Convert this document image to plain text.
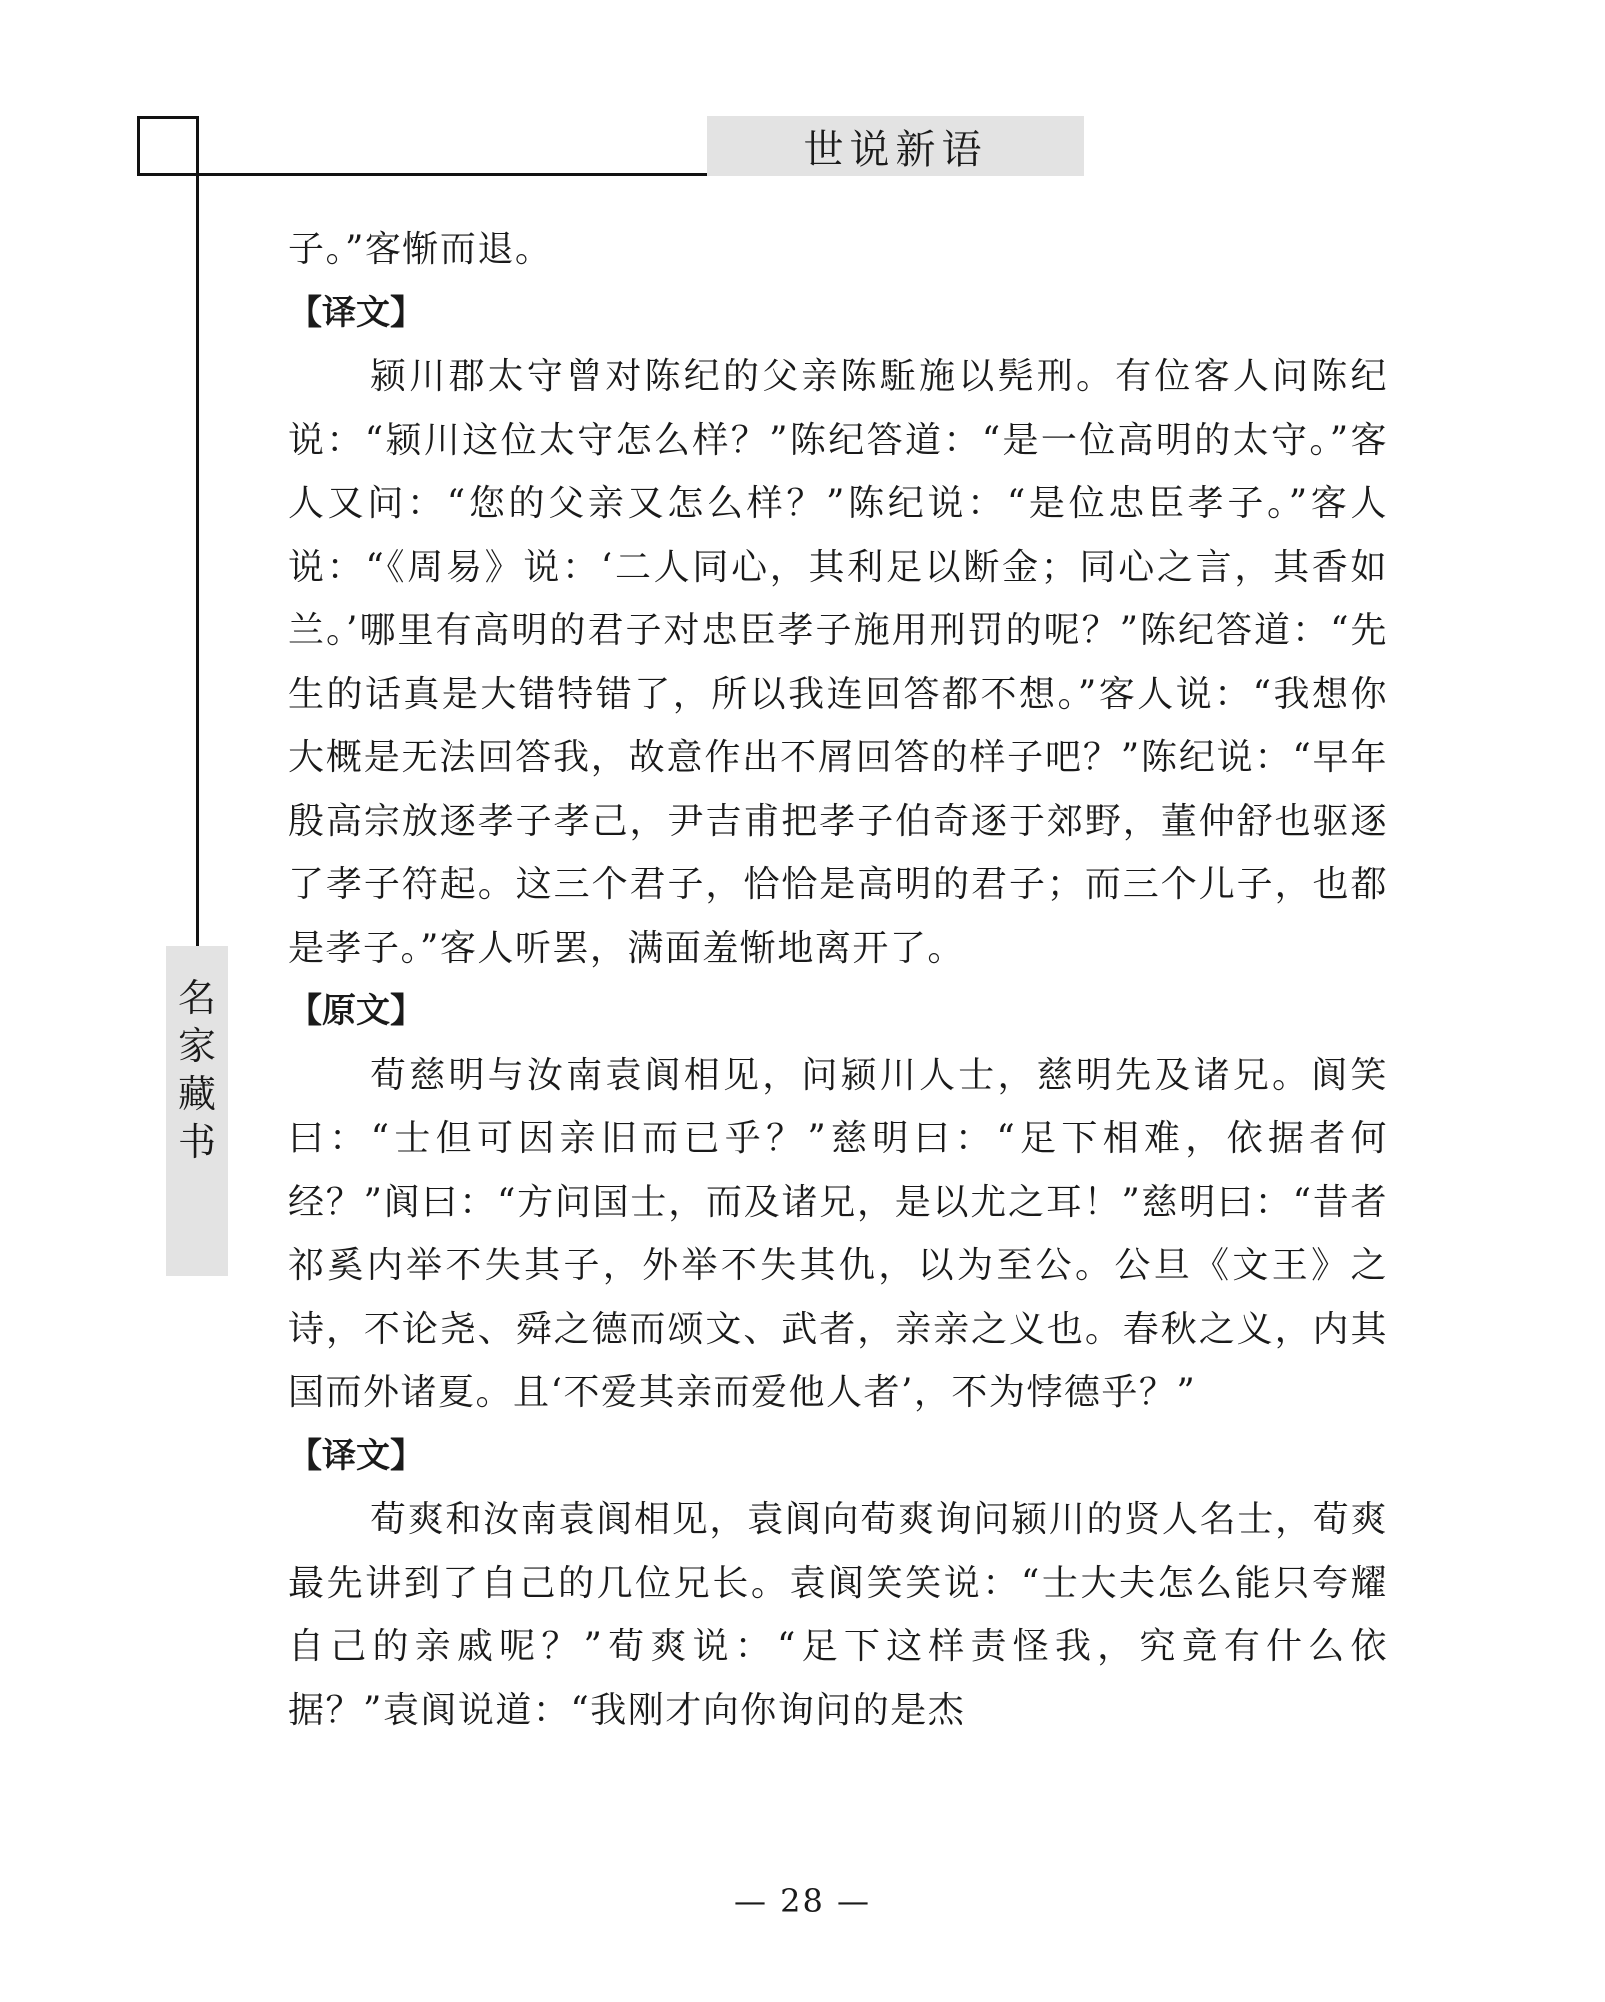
世说新语
名
家
藏
书

子。”客惭而退。

【译文】

颍川郡太守曾对陈纪的父亲陈駈施以髡刑。有位客人问陈纪说：“颍川这位太守怎么样？”陈纪答道：“是一位高明的太守。”客人又问：“您的父亲又怎么样？”陈纪说：“是位忠臣孝子。”客人说：“《周易》说：‘二人同心，其利足以断金；同心之言，其香如兰。’哪里有高明的君子对忠臣孝子施用刑罚的呢？”陈纪答道：“先生的话真是大错特错了，所以我连回答都不想。”客人说：“我想你大概是无法回答我，故意作出不屑回答的样子吧？”陈纪说：“早年殷高宗放逐孝子孝己，尹吉甫把孝子伯奇逐于郊野，董仲舒也驱逐了孝子符起。这三个君子，恰恰是高明的君子；而三个儿子，也都是孝子。”客人听罢，满面羞惭地离开了。

【原文】

荀慈明与汝南袁阆相见，问颍川人士，慈明先及诸兄。阆笑曰：“士但可因亲旧而已乎？”慈明曰：“足下相难，依据者何经？”阆曰：“方问国士，而及诸兄，是以尤之耳！”慈明曰：“昔者祁奚内举不失其子，外举不失其仇，以为至公。公旦《文王》之诗，不论尧、舜之德而颂文、武者，亲亲之义也。春秋之义，内其国而外诸夏。且‘不爱其亲而爱他人者’，不为悖德乎？”

【译文】

荀爽和汝南袁阆相见，袁阆向荀爽询问颍川的贤人名士，荀爽最先讲到了自己的几位兄长。袁阆笑笑说：“士大夫怎么能只夸耀自己的亲戚呢？”荀爽说：“足下这样责怪我，究竟有什么依据？”袁阆说道：“我刚才向你询问的是杰

— 28 —
